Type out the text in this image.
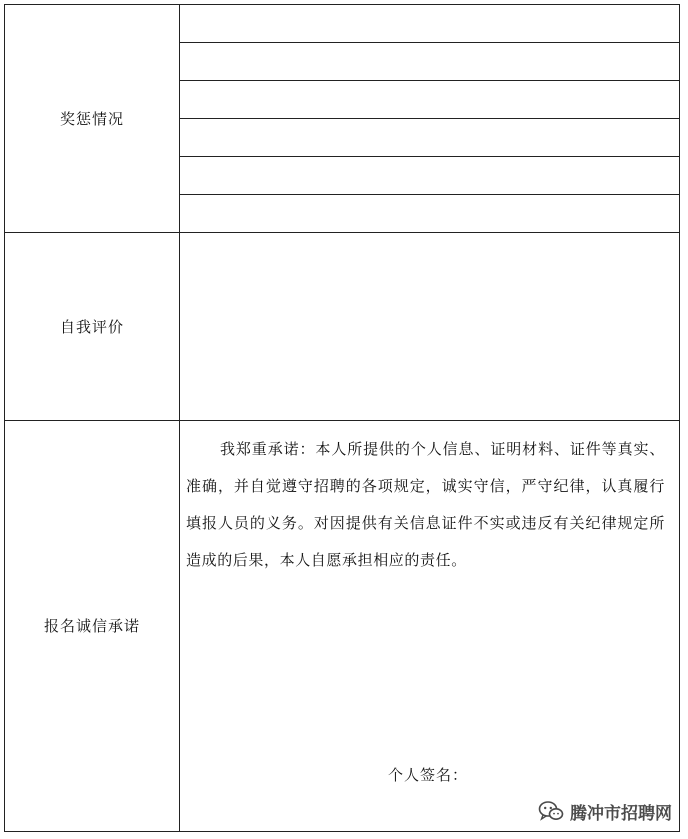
奖惩情况	

自我评价	
报名诚信承诺	我郑重承诺：本人所提供的个人信息、证明材料、证件等真实、准确，并自觉遵守招聘的各项规定，诚实守信，严守纪律，认真履行填报人员的义务。对因提供有关信息证件不实或违反有关纪律规定所造成的后果，本人自愿承担相应的责任。

个人签名：
腾冲市招聘网
